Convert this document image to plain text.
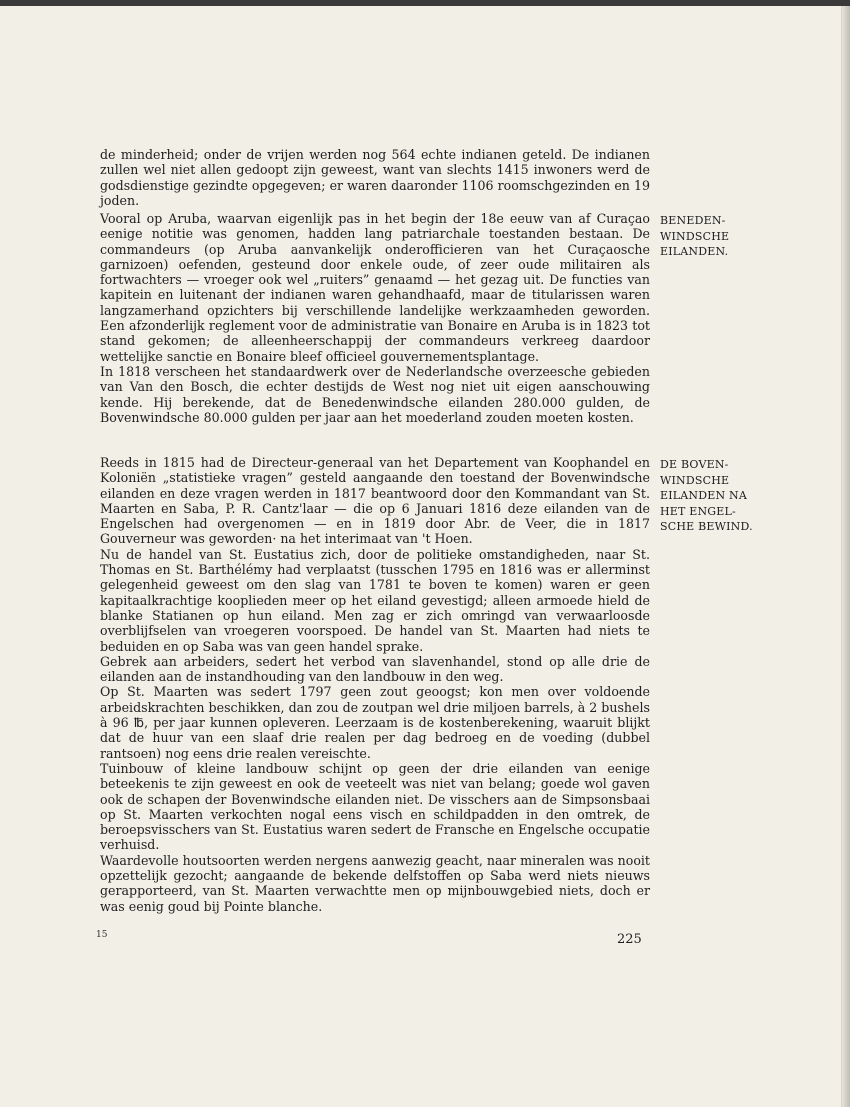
de minderheid; onder de vrijen werden nog 564 echte indianen geteld. De indianen zullen wel niet allen gedoopt zijn geweest, want van slechts 1415 inwoners werd de godsdienstige gezindte opgegeven; er waren daaronder 1106 roomschgezinden en 19 joden.

BENEDEN-
WINDSCHE
EILANDEN.

Vooral op Aruba, waarvan eigenlijk pas in het begin der 18e eeuw van af Curaçao eenige notitie was genomen, hadden lang patriarchale toestanden bestaan. De commandeurs (op Aruba aanvankelijk onderofficieren van het Curaçaosche garnizoen) oefenden, gesteund door enkele oude, of zeer oude militairen als fortwachters — vroeger ook wel „ruiters” genaamd — het gezag uit. De functies van kapitein en luitenant der indianen waren gehandhaafd, maar de titularissen waren langzamerhand opzichters bij verschillende landelijke werkzaamheden geworden. Een afzonderlijk reglement voor de administratie van Bonaire en Aruba is in 1823 tot stand gekomen; de alleenheerschappij der commandeurs verkreeg daardoor wettelijke sanctie en Bonaire bleef officieel gouvernementsplantage.

In 1818 verscheen het standaardwerk over de Nederlandsche overzeesche gebieden van Van den Bosch, die echter destijds de West nog niet uit eigen aanschouwing kende. Hij berekende, dat de Benedenwindsche eilanden 280.000 gulden, de Bovenwindsche 80.000 gulden per jaar aan het moederland zouden moeten kosten.

DE BOVEN-
WINDSCHE
EILANDEN NA
HET ENGEL-
SCHE BEWIND.

Reeds in 1815 had de Directeur-generaal van het Departement van Koophandel en Koloniën „statistieke vragen” gesteld aangaande den toestand der Bovenwindsche eilanden en deze vragen werden in 1817 beantwoord door den Kommandant van St. Maarten en Saba, P. R. Cantz'laar — die op 6 Januari 1816 deze eilanden van de Engelschen had overgenomen — en in 1819 door Abr. de Veer, die in 1817 Gouverneur was geworden· na het interimaat van 't Hoen.

Nu de handel van St. Eustatius zich, door de politieke omstandigheden, naar St. Thomas en St. Barthélémy had verplaatst (tusschen 1795 en 1816 was er allerminst gelegenheid geweest om den slag van 1781 te boven te komen) waren er geen kapitaalkrachtige kooplieden meer op het eiland gevestigd; alleen armoede hield de blanke Statianen op hun eiland. Men zag er zich omringd van verwaarloosde overblijfselen van vroegeren voorspoed. De handel van St. Maarten had niets te beduiden en op Saba was van geen handel sprake.

Gebrek aan arbeiders, sedert het verbod van slavenhandel, stond op alle drie de eilanden aan de instandhouding van den landbouw in den weg.

Op St. Maarten was sedert 1797 geen zout geoogst; kon men over voldoende arbeidskrachten beschikken, dan zou de zoutpan wel drie miljoen barrels, à 2 bushels à 96 ℔, per jaar kunnen opleveren. Leerzaam is de kostenberekening, waaruit blijkt dat de huur van een slaaf drie realen per dag bedroeg en de voeding (dubbel rantsoen) nog eens drie realen vereischte.

Tuinbouw of kleine landbouw schijnt op geen der drie eilanden van eenige beteekenis te zijn geweest en ook de veeteelt was niet van belang; goede wol gaven ook de schapen der Bovenwindsche eilanden niet. De visschers aan de Simpsonsbaai op St. Maarten verkochten nogal eens visch en schildpadden in den omtrek, de beroepsvisschers van St. Eustatius waren sedert de Fransche en Engelsche occupatie verhuisd.

Waardevolle houtsoorten werden nergens aanwezig geacht, naar mineralen was nooit opzettelijk gezocht; aangaande de bekende delfstoffen op Saba werd niets nieuws gerapporteerd, van St. Maarten verwachtte men op mijnbouwgebied niets, doch er was eenig goud bij Pointe blanche.

15	225
